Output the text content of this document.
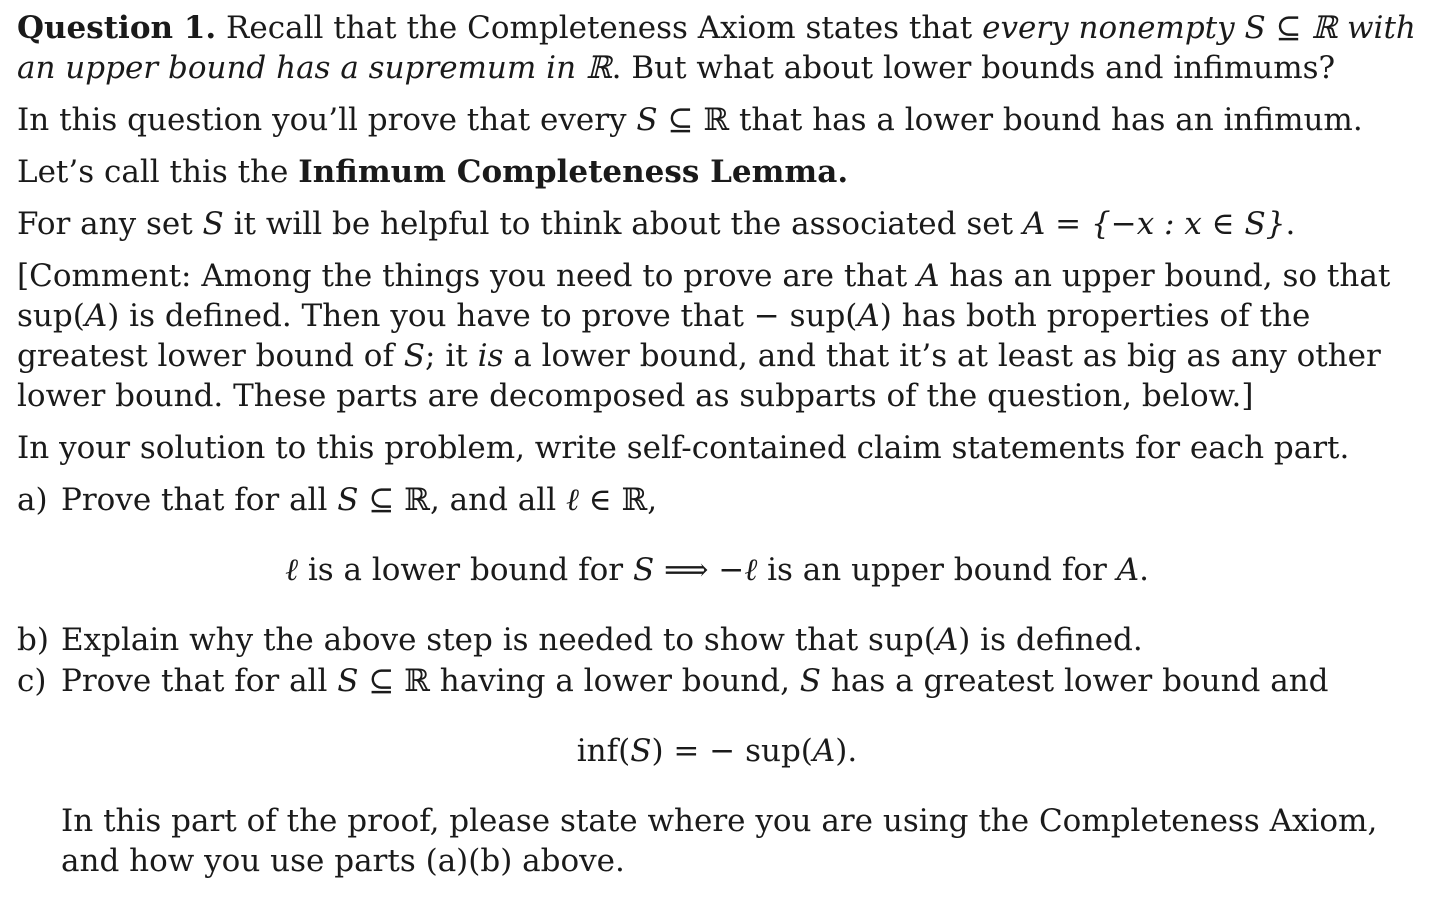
Question 1. Recall that the Completeness Axiom states that every nonempty S ⊆ ℝ with an upper bound has a supremum in ℝ. But what about lower bounds and infimums?

In this question you’ll prove that every S ⊆ ℝ that has a lower bound has an infimum.

Let’s call this the Infimum Completeness Lemma.

For any set S it will be helpful to think about the associated set A = {−x : x ∈ S}.

[Comment: Among the things you need to prove are that A has an upper bound, so that sup(A) is defined. Then you have to prove that − sup(A) has both properties of the greatest lower bound of S; it is a lower bound, and that it’s at least as big as any other lower bound. These parts are decomposed as subparts of the question, below.]

In your solution to this problem, write self-contained claim statements for each part.

a) Prove that for all S ⊆ ℝ, and all ℓ ∈ ℝ,
ℓ is a lower bound for S ⟹ −ℓ is an upper bound for A.
b) Explain why the above step is needed to show that sup(A) is defined.
c) Prove that for all S ⊆ ℝ having a lower bound, S has a greatest lower bound and
inf(S) = − sup(A).

In this part of the proof, please state where you are using the Completeness Axiom, and how you use parts (a)(b) above.
